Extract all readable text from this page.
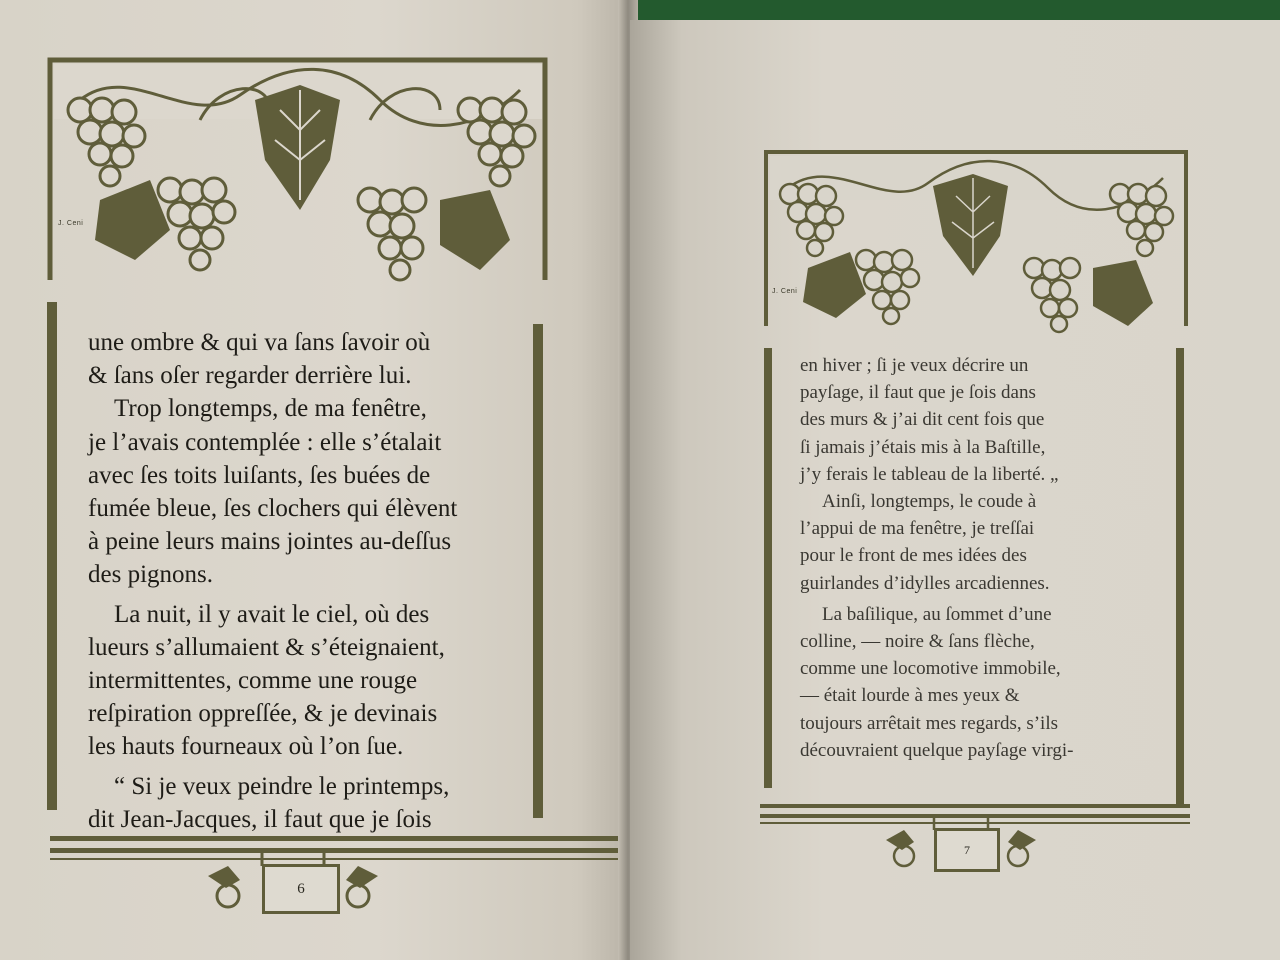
J. Ceni

une ombre & qui va ſans ſavoir où

& ſans oſer regarder derrière lui.

Trop longtemps, de ma fenêtre,

je l’avais contemplée : elle s’étalait

avec ſes toits luiſants, ſes buées de

fumée bleue, ſes clochers qui élèvent

à peine leurs mains jointes au-deſſus

des pignons.

La nuit, il y avait le ciel, où des

lueurs s’allumaient & s’éteignaient,

intermittentes, comme une rouge

reſpiration oppreſſée, & je devinais

les hauts fourneaux où l’on ſue.

“ Si je veux peindre le printemps,

dit Jean-Jacques, il faut que je ſois

6
J. Ceni

en hiver ; ſi je veux décrire un

payſage, il faut que je ſois dans

des murs & j’ai dit cent fois que

ſi jamais j’étais mis à la Baſtille,

j’y ferais le tableau de la liberté. „

Ainſi, longtemps, le coude à

l’appui de ma fenêtre, je treſſai

pour le front de mes idées des

guirlandes d’idylles arcadiennes.

La baſilique, au ſommet d’une

colline, — noire & ſans flèche,

comme une locomotive immobile,

— était lourde à mes yeux &

toujours arrêtait mes regards, s’ils

découvraient quelque payſage virgi-

7
